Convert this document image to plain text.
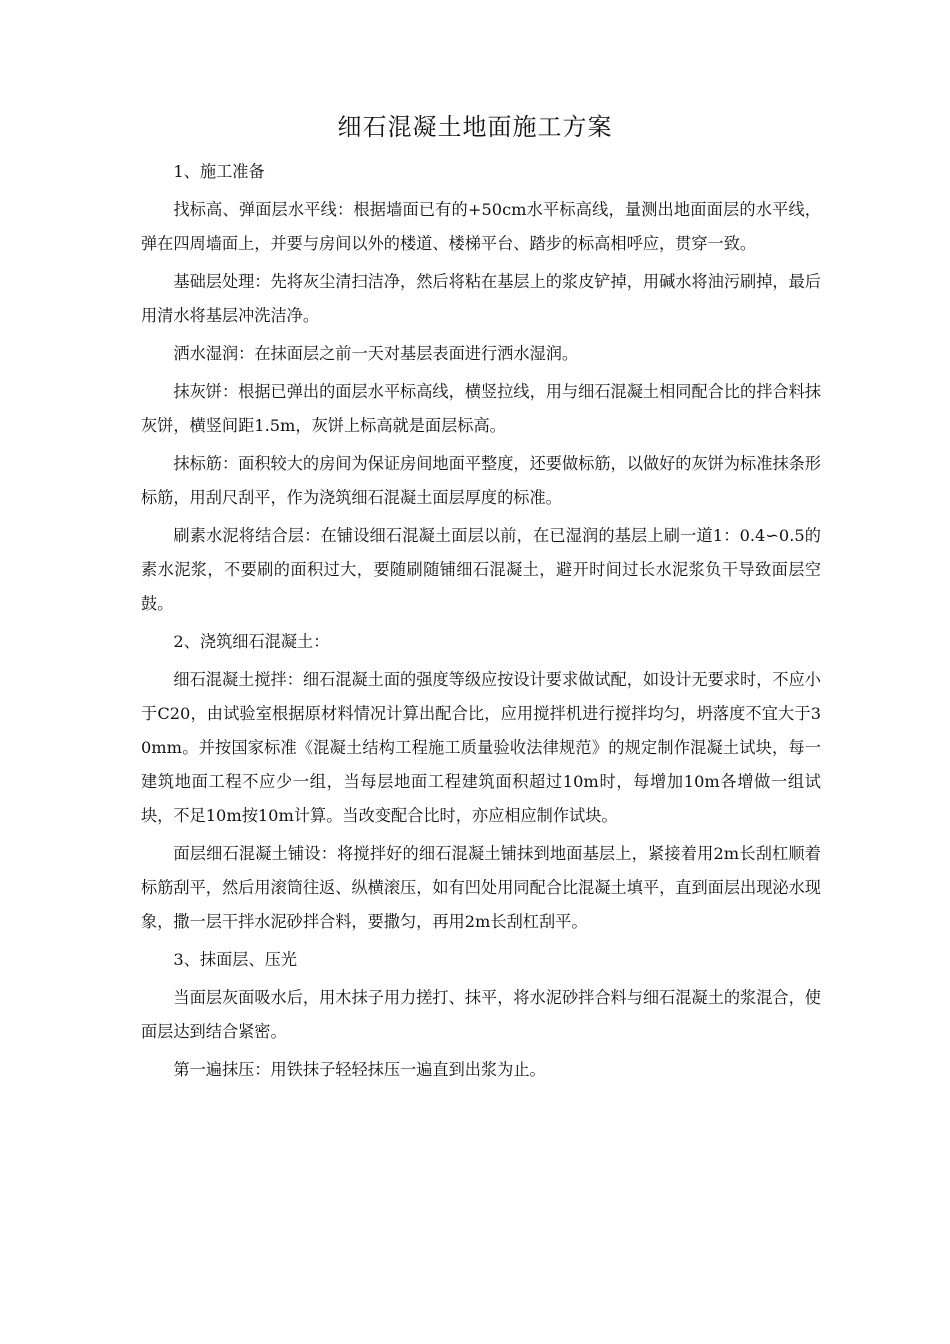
细石混凝土地面施工方案

1、施工准备

找标高、弹面层水平线：根据墙面已有的+50cm水平标高线，量测出地面面层的水平线，弹在四周墙面上，并要与房间以外的楼道、楼梯平台、踏步的标高相呼应，贯穿一致。

基础层处理：先将灰尘清扫洁净，然后将粘在基层上的浆皮铲掉，用碱水将油污刷掉，最后用清水将基层冲洗洁净。

洒水湿润：在抹面层之前一天对基层表面进行洒水湿润。

抹灰饼：根据已弹出的面层水平标高线，横竖拉线，用与细石混凝土相同配合比的拌合料抹灰饼，横竖间距1.5m，灰饼上标高就是面层标高。

抹标筋：面积较大的房间为保证房间地面平整度，还要做标筋，以做好的灰饼为标准抹条形标筋，用刮尺刮平，作为浇筑细石混凝土面层厚度的标准。

刷素水泥将结合层：在铺设细石混凝土面层以前，在已湿润的基层上刷一道1：0.4∽0.5的素水泥浆，不要刷的面积过大，要随刷随铺细石混凝土，避开时间过长水泥浆负干导致面层空鼓。

2、浇筑细石混凝土：

细石混凝土搅拌：细石混凝土面的强度等级应按设计要求做试配，如设计无要求时，不应小于C20，由试验室根据原材料情况计算出配合比，应用搅拌机进行搅拌均匀，坍落度不宜大于30mm。并按国家标准《混凝土结构工程施工质量验收法律规范》的规定制作混凝土试块，每一建筑地面工程不应少一组，当每层地面工程建筑面积超过10m时，每增加10m各增做一组试块，不足10m按10m计算。当改变配合比时，亦应相应制作试块。

面层细石混凝土铺设：将搅拌好的细石混凝土铺抹到地面基层上，紧接着用2m长刮杠顺着标筋刮平，然后用滚筒往返、纵横滚压，如有凹处用同配合比混凝土填平，直到面层出现泌水现象，撒一层干拌水泥砂拌合料，要撒匀，再用2m长刮杠刮平。

3、抹面层、压光

当面层灰面吸水后，用木抹子用力搓打、抹平，将水泥砂拌合料与细石混凝土的浆混合，使面层达到结合紧密。

第一遍抹压：用铁抹子轻轻抹压一遍直到出浆为止。
